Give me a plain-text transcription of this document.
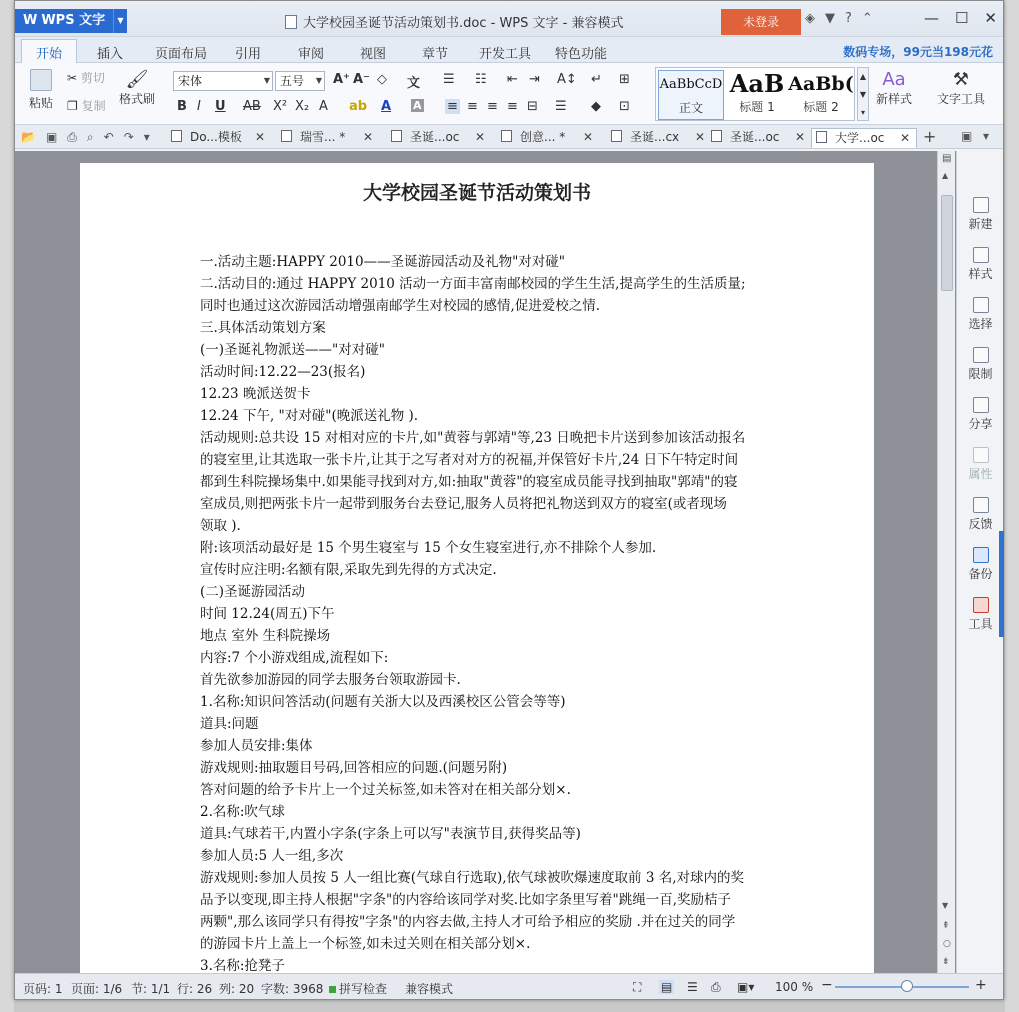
W WPS 文字	▼	大学校园圣诞节活动策划书.doc - WPS 文字 - 兼容模式	未登录	◈ ▼ ? ⌃	— ☐ ✕
开始	插入 页面布局 引用	审阅	视图	章节 开发工具 特色功能	数码专场，99元当198元花

粘贴
✂ 剪切
❐ 复制
🖌
格式刷
宋体	▼ 五号 ▼ A⁺ A⁻ ◇ 文
B I U AB X² X₂ A ab A A
☰ ☷ ⇤ ⇥ A↕ ↵ ⊞
≡ ≡ ≡ ≡ ⊟ ☰ ◆ ⊡
AaBbCcD
正文
AaB
标题 1
AaBb(
标题 2
▲
▼
▾
Aa
新样式
⚒
文字工具
📂 ▣ ⎙ ⌕ ↶ ↷ ▾	Do...模板 ✕	瑞雪... * ✕	圣诞...oc ✕	创意... * ✕	圣诞...cx ✕	圣诞...oc ✕	大学...oc ✕ + ▣ ▾
大学校园圣诞节活动策划书

一.活动主题:HAPPY 2010——圣诞游园活动及礼物"对对碰"

二.活动目的:通过 HAPPY 2010 活动一方面丰富南邮校园的学生生活,提高学生的生活质量;

同时也通过这次游园活动增强南邮学生对校园的感情,促进爱校之情.

三.具体活动策划方案

(一)圣诞礼物派送——"对对碰"

活动时间:12.22—23(报名)

12.23 晚派送贺卡

12.24 下午, "对对碰"(晚派送礼物 ).

活动规则:总共设 15 对相对应的卡片,如"黄蓉与郭靖"等,23 日晚把卡片送到参加该活动报名

的寝室里,让其选取一张卡片,让其于之写者对对方的祝福,并保管好卡片,24 日下午特定时间

都到生科院操场集中.如果能寻找到对方,如:抽取"黄蓉"的寝室成员能寻找到抽取"郭靖"的寝

室成员,则把两张卡片一起带到服务台去登记,服务人员将把礼物送到双方的寝室(或者现场

领取 ).

附:该项活动最好是 15 个男生寝室与 15 个女生寝室进行,亦不排除个人参加.

宣传时应注明:名额有限,采取先到先得的方式决定.

(二)圣诞游园活动

时间 12.24(周五)下午

地点 室外 生科院操场

内容:7 个小游戏组成,流程如下:

首先欲参加游园的同学去服务台领取游园卡.

1.名称:知识问答活动(问题有关浙大以及西溪校区公管会等等)

道具:问题

参加人员安排:集体

游戏规则:抽取题目号码,回答相应的问题.(问题另附)

答对问题的给予卡片上一个过关标签,如未答对在相关部分划×.

2.名称:吹气球

道具:气球若干,内置小字条(字条上可以写"表演节目,获得奖品等)

参加人员:5 人一组,多次

游戏规则:参加人员按 5 人一组比赛(气球自行选取),依气球被吹爆速度取前 3 名,对球内的奖

品予以变现,即主持人根据"字条"的内容给该同学对奖.比如字条里写着"跳绳一百,奖励桔子

两颗",那么该同学只有得按"字条"的内容去做,主持人才可给予相应的奖励 .并在过关的同学

的游园卡片上盖上一个标签,如未过关则在相关部分划×.

3.名称:抢凳子

▤
▲
▼
⇞
○
⇟
新建
样式
选择
限制
分享
属性
反馈
备份
工具
页码: 1 页面: 1/6 节: 1/1 行: 26 列: 20 字数: 3968	拼写检查 兼容模式	⛶ ▤ ☰ ⎙ ▣▾ 100 % −	+
